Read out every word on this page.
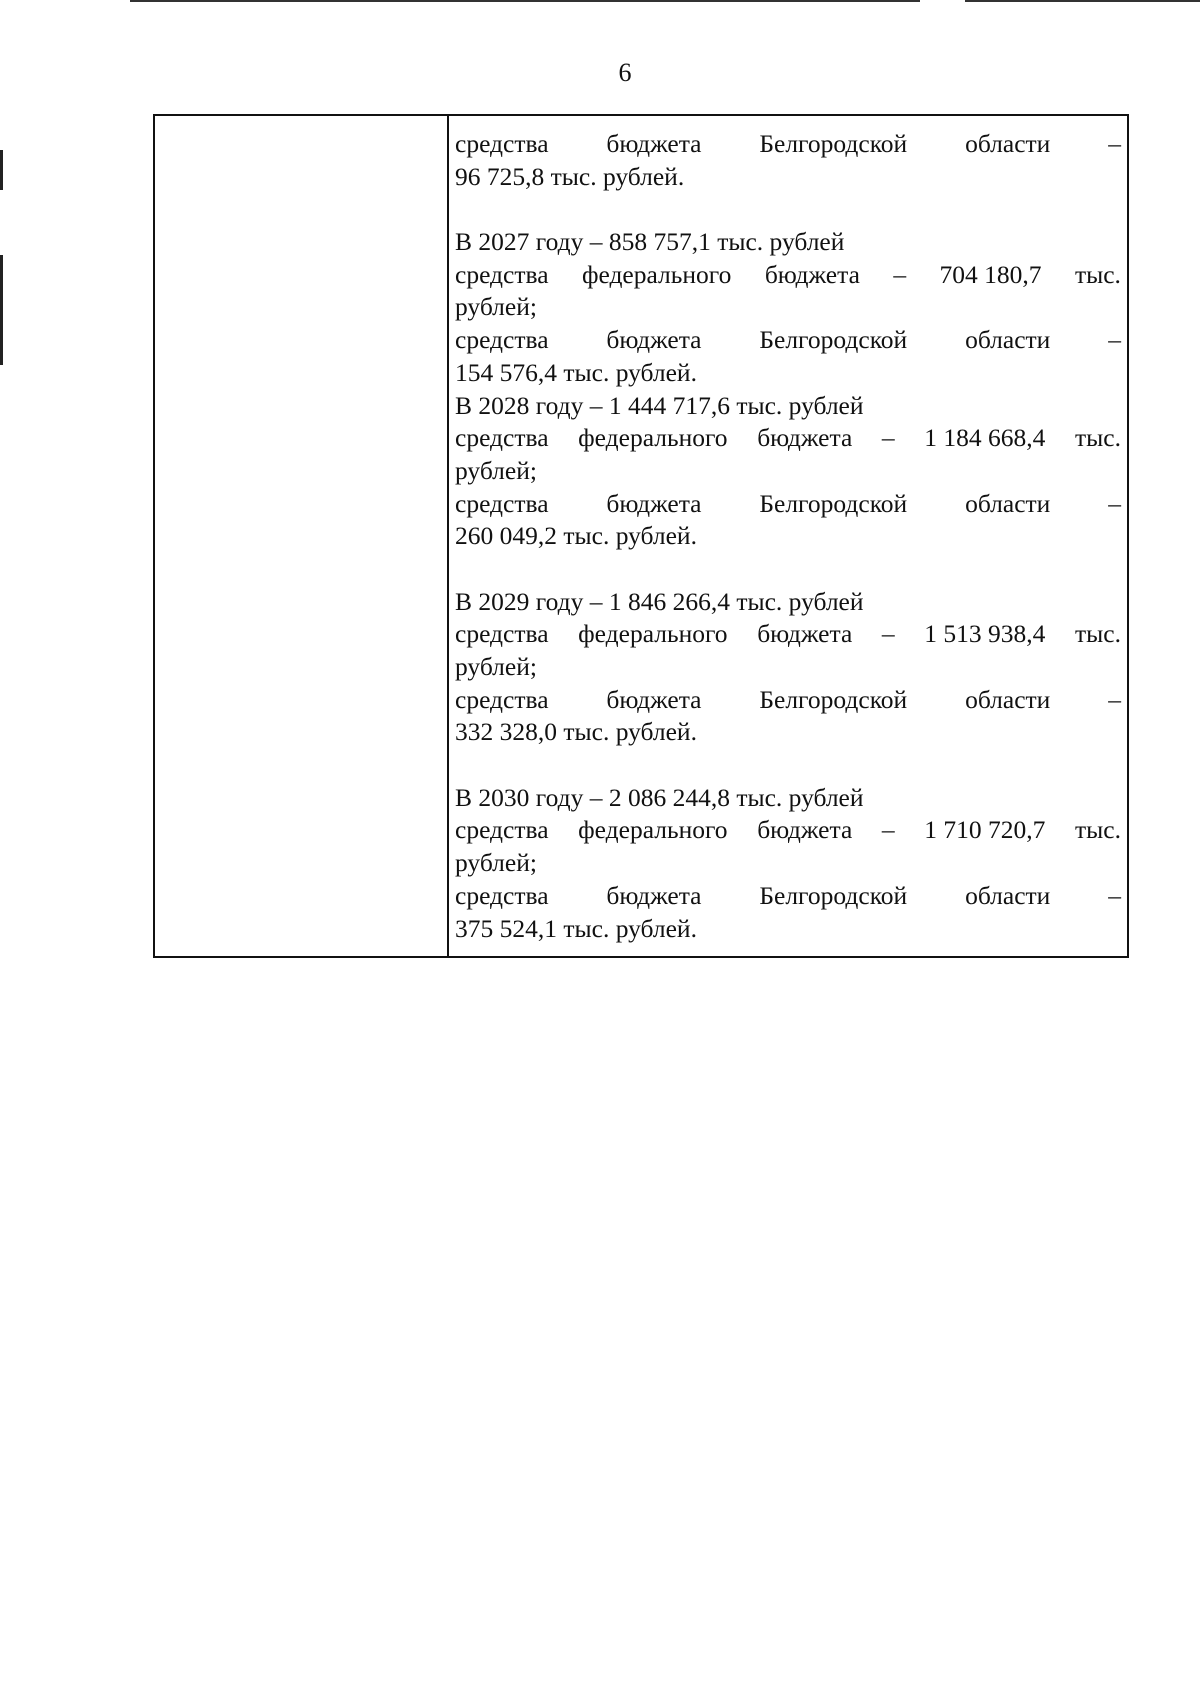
6
средства бюджета Белгородской области –
96 725,8 тыс. рублей.
В 2027 году – 858 757,1 тыс. рублей
средства федерального бюджета – 704 180,7 тыс.
рублей;
средства бюджета Белгородской области –
154 576,4 тыс. рублей.
В 2028 году – 1 444 717,6 тыс. рублей
средства федерального бюджета – 1 184 668,4 тыс.
рублей;
средства бюджета Белгородской области –
260 049,2 тыс. рублей.
В 2029 году – 1 846 266,4 тыс. рублей
средства федерального бюджета – 1 513 938,4 тыс.
рублей;
средства бюджета Белгородской области –
332 328,0 тыс. рублей.
В 2030 году – 2 086 244,8 тыс. рублей
средства федерального бюджета – 1 710 720,7 тыс.
рублей;
средства бюджета Белгородской области –
375 524,1 тыс. рублей.
